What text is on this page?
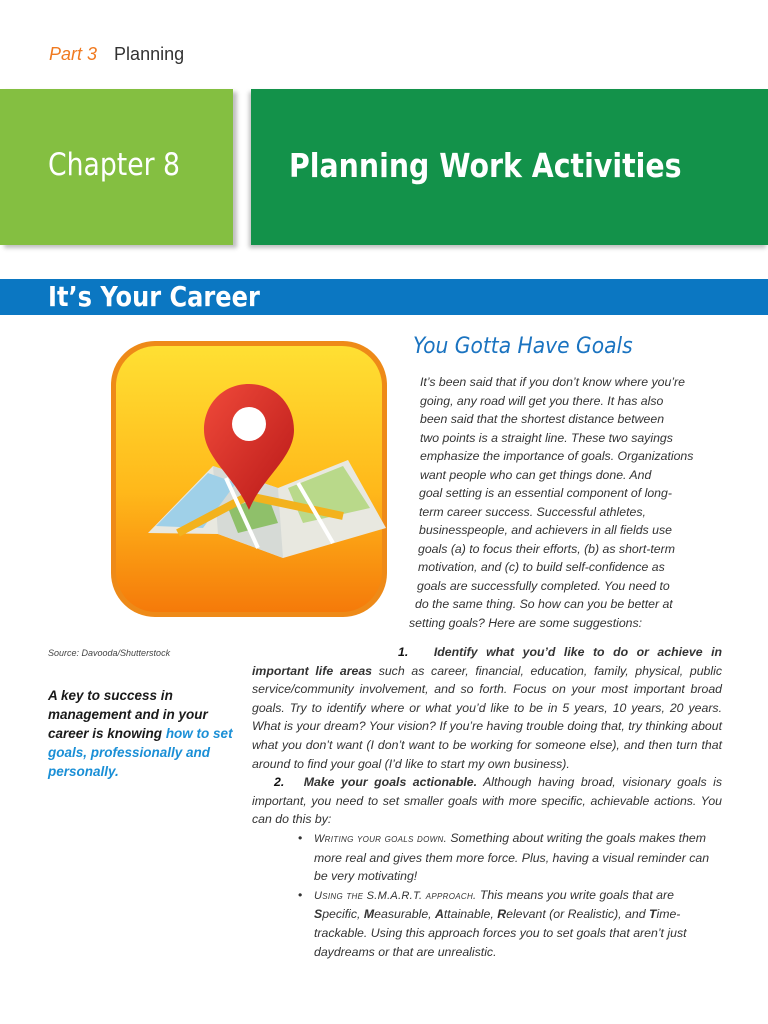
Part 3 Planning
Chapter 8	Planning Work Activities
It’s Your Career
You Gotta Have Goals
It’s been said that if you don’t know where you’re
going, any road will get you there. It has also
been said that the shortest distance between
two points is a straight line. These two sayings
emphasize the importance of goals. Organizations
want people who can get things done. And
goal setting is an essential component of long-
term career success. Successful athletes,
businesspeople, and achievers in all fields use
goals (a) to focus their efforts, (b) as short-term
motivation, and (c) to build self-confidence as
goals are successfully completed. You need to
do the same thing. So how can you be better at
setting goals? Here are some suggestions:
Source: Davooda/Shutterstock
A key to success in management and in your career is knowing how to set goals, professionally and personally.

1. Identify what you’d like to do or achieve in important life areas such as career, financial, education, family, physical, public service/community involvement, and so forth. Focus on your most important broad goals. Try to identify where or what you’d like to be in 5 years, 10 years, 20 years. What is your dream? Your vision? If you’re having trouble doing that, try thinking about what you don’t want (I don’t want to be working for someone else), and then turn that around to find your goal (I’d like to start my own business).

2. Make your goals actionable. Although having broad, visionary goals is important, you need to set smaller goals with more specific, achievable actions. You can do this by:

• Writing your goals down. Something about writing the goals makes them more real and gives them more force. Plus, having a visual reminder can be very motivating!
• Using the S.M.A.R.T. approach. This means you write goals that are Specific, Measurable, Attainable, Relevant (or Realistic), and Time-trackable. Using this approach forces you to set goals that aren’t just daydreams or that are unrealistic.
